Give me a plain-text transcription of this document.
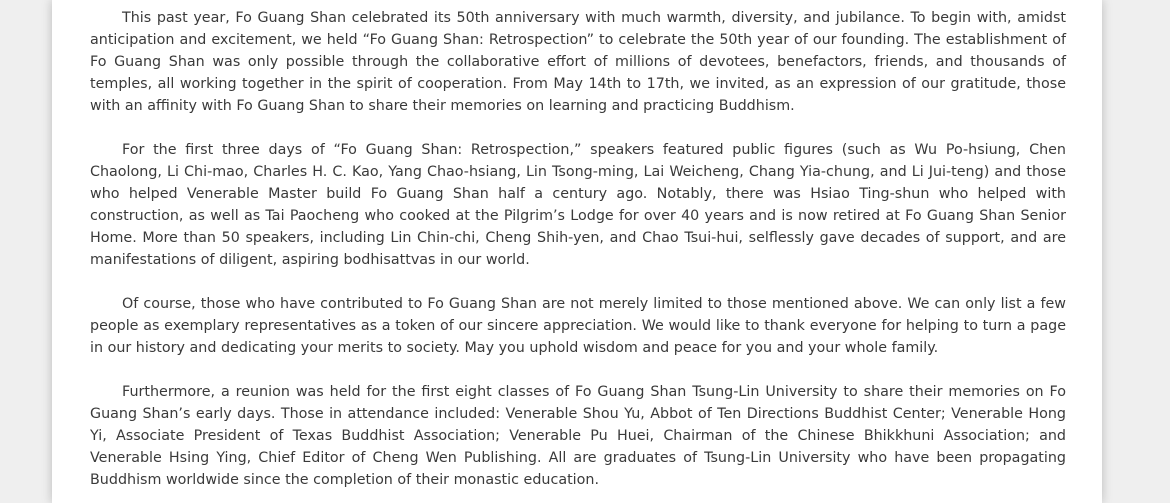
This past year, Fo Guang Shan celebrated its 50th anniversary with much warmth, diversity, and jubilance. To begin with, amidst anticipation and excitement, we held “Fo Guang Shan: Retrospection” to celebrate the 50th year of our founding. The establishment of Fo Guang Shan was only possible through the collaborative effort of millions of devotees, benefactors, friends, and thousands of temples, all working together in the spirit of cooperation. From May 14th to 17th, we invited, as an expression of our gratitude, those with an affinity with Fo Guang Shan to share their memories on learning and practicing Buddhism.

For the first three days of “Fo Guang Shan: Retrospection,” speakers featured public figures (such as Wu Po-hsiung, Chen Chaolong, Li Chi-mao, Charles H. C. Kao, Yang Chao-hsiang, Lin Tsong-ming, Lai Weicheng, Chang Yia-chung, and Li Jui-teng) and those who helped Venerable Master build Fo Guang Shan half a century ago. Notably, there was Hsiao Ting-shun who helped with construction, as well as Tai Paocheng who cooked at the Pilgrim’s Lodge for over 40 years and is now retired at Fo Guang Shan Senior Home. More than 50 speakers, including Lin Chin-chi, Cheng Shih-yen, and Chao Tsui-hui, selflessly gave decades of support, and are manifestations of diligent, aspiring bodhisattvas in our world.

Of course, those who have contributed to Fo Guang Shan are not merely limited to those mentioned above. We can only list a few people as exemplary representatives as a token of our sincere appreciation. We would like to thank everyone for helping to turn a page in our history and dedicating your merits to society. May you uphold wisdom and peace for you and your whole family.

Furthermore, a reunion was held for the first eight classes of Fo Guang Shan Tsung-Lin University to share their memories on Fo Guang Shan’s early days. Those in attendance included: Venerable Shou Yu, Abbot of Ten Directions Buddhist Center; Venerable Hong Yi, Associate President of Texas Buddhist Association; Venerable Pu Huei, Chairman of the Chinese Bhikkhuni Association; and Venerable Hsing Ying, Chief Editor of Cheng Wen Publishing. All are graduates of Tsung-Lin University who have been propagating Buddhism worldwide since the completion of their monastic education.
